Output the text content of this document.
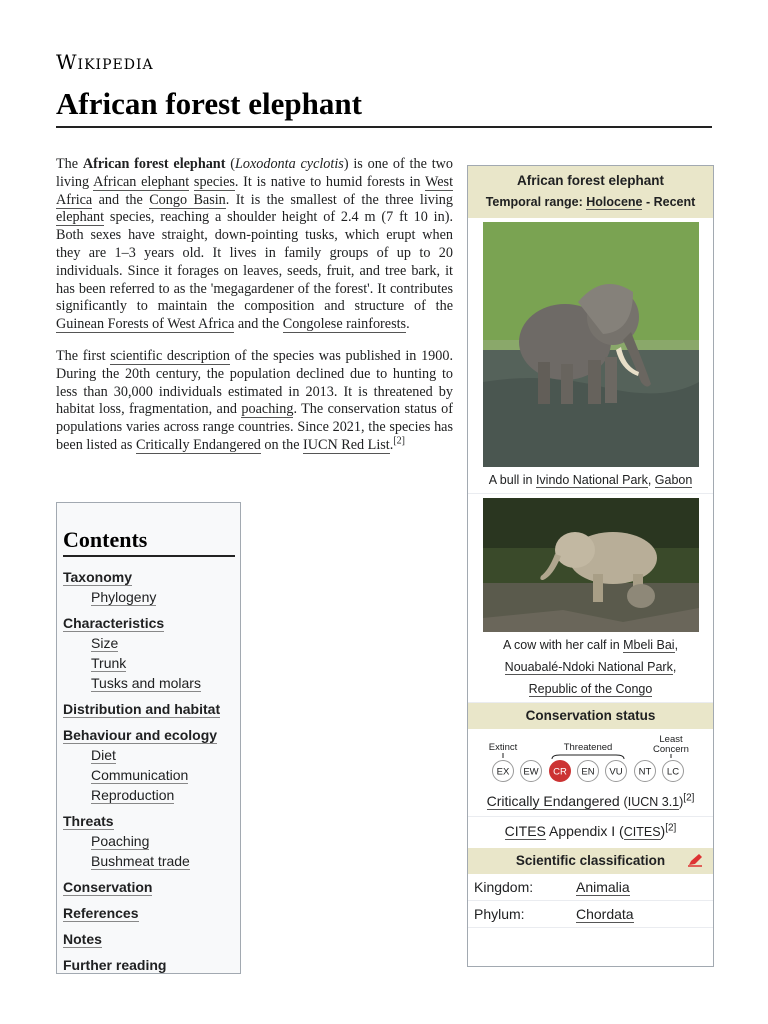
Wikipedia
African forest elephant

The African forest elephant (Loxodonta cyclotis) is one of the two living African elephant species. It is native to humid forests in West Africa and the Congo Basin. It is the smallest of the three living elephant species, reaching a shoulder height of 2.4 m (7 ft 10 in). Both sexes have straight, down-pointing tusks, which erupt when they are 1–3 years old. It lives in family groups of up to 20 individuals. Since it forages on leaves, seeds, fruit, and tree bark, it has been referred to as the 'megagardener of the forest'. It contributes significantly to maintain the composition and structure of the Guinean Forests of West Africa and the Congolese rainforests.

The first scientific description of the species was published in 1900. During the 20th century, the population declined due to hunting to less than 30,000 individuals estimated in 2013. It is threatened by habitat loss, fragmentation, and poaching. The conservation status of populations varies across range countries. Since 2021, the species has been listed as Critically Endangered on the IUCN Red List.[2]

Contents
Taxonomy
Phylogeny
Characteristics
Size
Trunk
Tusks and molars
Distribution and habitat
Behaviour and ecology
Diet
Communication
Reproduction
Threats
Poaching
Bushmeat trade
Conservation
References
Notes
Further reading
African forest elephant
Temporal range: Holocene - Recent
A bull in Ivindo National Park, Gabon
A cow with her calf in Mbeli Bai,
Nouabalé-Ndoki National Park,
Republic of the Congo
Conservation status
Extinct	Threatened
Least
Concern
EX EW CR EN VU NT LC
Critically Endangered (IUCN 3.1)[2]
CITES Appendix I (CITES)[2]
Scientific classification
Kingdom:	Animalia
Phylum:	Chordata
